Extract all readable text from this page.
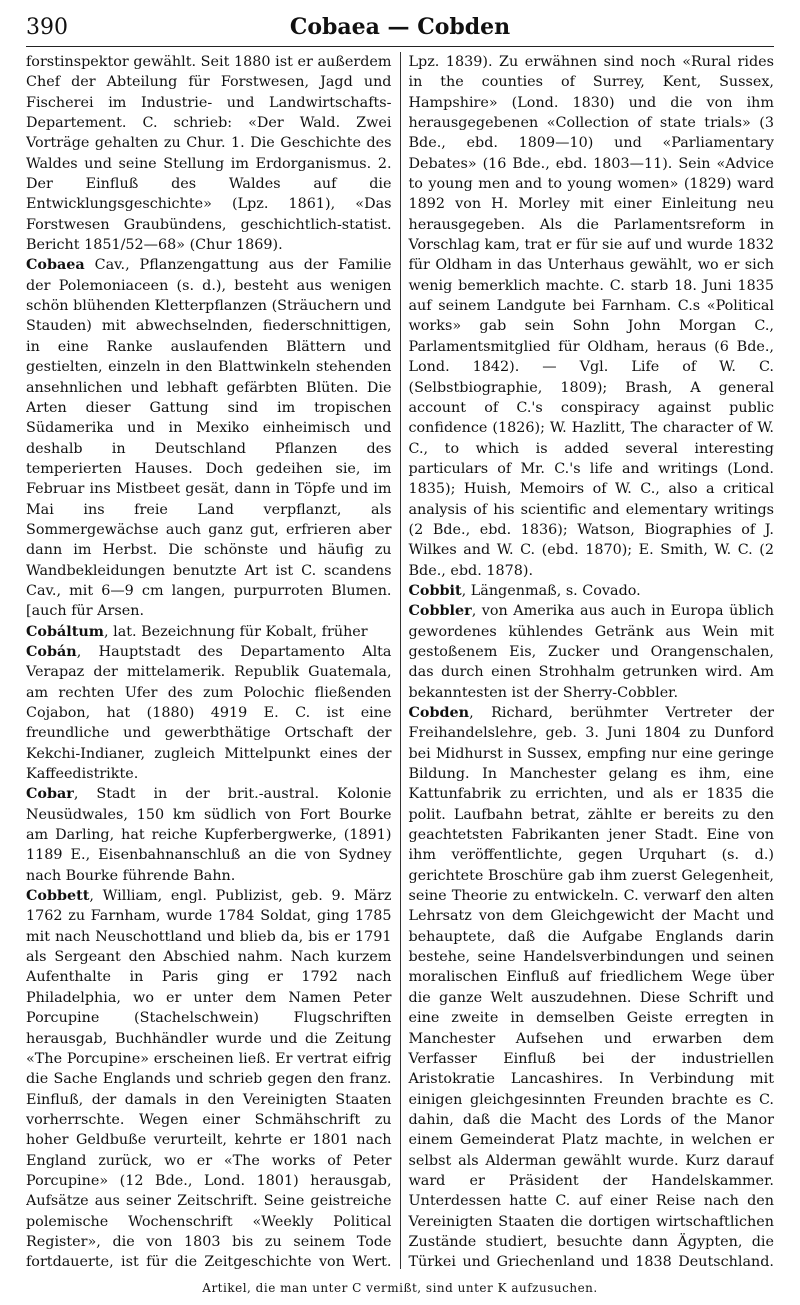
390	Cobaea — Cobden

forstinspektor gewählt. Seit 1880 ist er außerdem Chef der Abteilung für Forstwesen, Jagd und Fischerei im Industrie- und Landwirtschafts-Departement. C. schrieb: «Der Wald. Zwei Vorträge gehalten zu Chur. 1. Die Geschichte des Waldes und seine Stellung im Erdorganismus. 2. Der Einfluß des Waldes auf die Entwicklungsgeschichte» (Lpz. 1861), «Das Forstwesen Graubündens, geschichtlich-statist. Bericht 1851/52—68» (Chur 1869).

Cobaea Cav., Pflanzengattung aus der Familie der Polemoniaceen (s. d.), besteht aus wenigen schön blühenden Kletterpflanzen (Sträuchern und Stauden) mit abwechselnden, fiederschnittigen, in eine Ranke auslaufenden Blättern und gestielten, einzeln in den Blattwinkeln stehenden ansehnlichen und lebhaft gefärbten Blüten. Die Arten dieser Gattung sind im tropischen Südamerika und in Mexiko einheimisch und deshalb in Deutschland Pflanzen des temperierten Hauses. Doch gedeihen sie, im Februar ins Mistbeet gesät, dann in Töpfe und im Mai ins freie Land verpflanzt, als Sommergewächse auch ganz gut, erfrieren aber dann im Herbst. Die schönste und häufig zu Wandbekleidungen benutzte Art ist C. scandens Cav., mit 6—9 cm langen, purpurroten Blumen. [auch für Arsen.

Cobáltum, lat. Bezeichnung für Kobalt, früher

Cobán, Hauptstadt des Departamento Alta Verapaz der mittelamerik. Republik Guatemala, am rechten Ufer des zum Polochic fließenden Cojabon, hat (1880) 4919 E. C. ist eine freundliche und gewerbthätige Ortschaft der Kekchi-Indianer, zugleich Mittelpunkt eines der Kaffeedistrikte.

Cobar, Stadt in der brit.-austral. Kolonie Neusüdwales, 150 km südlich von Fort Bourke am Darling, hat reiche Kupferbergwerke, (1891) 1189 E., Eisenbahnanschluß an die von Sydney nach Bourke führende Bahn.

Cobbett, William, engl. Publizist, geb. 9. März 1762 zu Farnham, wurde 1784 Soldat, ging 1785 mit nach Neuschottland und blieb da, bis er 1791 als Sergeant den Abschied nahm. Nach kurzem Aufenthalte in Paris ging er 1792 nach Philadelphia, wo er unter dem Namen Peter Porcupine (Stachelschwein) Flugschriften herausgab, Buchhändler wurde und die Zeitung «The Porcupine» erscheinen ließ. Er vertrat eifrig die Sache Englands und schrieb gegen den franz. Einfluß, der damals in den Vereinigten Staaten vorherrschte. Wegen einer Schmähschrift zu hoher Geldbuße verurteilt, kehrte er 1801 nach England zurück, wo er «The works of Peter Porcupine» (12 Bde., Lond. 1801) herausgab, Aufsätze aus seiner Zeitschrift. Seine geistreiche polemische Wochenschrift «Weekly Political Register», die von 1803 bis zu seinem Tode fortdauerte, ist für die Zeitgeschichte von Wert.

Lpz. 1839). Zu erwähnen sind noch «Rural rides in the counties of Surrey, Kent, Sussex, Hampshire» (Lond. 1830) und die von ihm herausgegebenen «Collection of state trials» (3 Bde., ebd. 1809—10) und «Parliamentary Debates» (16 Bde., ebd. 1803—11). Sein «Advice to young men and to young women» (1829) ward 1892 von H. Morley mit einer Einleitung neu herausgegeben. Als die Parlamentsreform in Vorschlag kam, trat er für sie auf und wurde 1832 für Oldham in das Unterhaus gewählt, wo er sich wenig bemerklich machte. C. starb 18. Juni 1835 auf seinem Landgute bei Farnham. C.s «Political works» gab sein Sohn John Morgan C., Parlamentsmitglied für Oldham, heraus (6 Bde., Lond. 1842). — Vgl. Life of W. C. (Selbstbiographie, 1809); Brash, A general account of C.'s conspiracy against public confidence (1826); W. Hazlitt, The character of W. C., to which is added several interesting particulars of Mr. C.'s life and writings (Lond. 1835); Huish, Memoirs of W. C., also a critical analysis of his scientific and elementary writings (2 Bde., ebd. 1836); Watson, Biographies of J. Wilkes and W. C. (ebd. 1870); E. Smith, W. C. (2 Bde., ebd. 1878).

Cobbit, Längenmaß, s. Covado.

Cobbler, von Amerika aus auch in Europa üblich gewordenes kühlendes Getränk aus Wein mit gestoßenem Eis, Zucker und Orangenschalen, das durch einen Strohhalm getrunken wird. Am bekanntesten ist der Sherry-Cobbler.

Cobden, Richard, berühmter Vertreter der Freihandelslehre, geb. 3. Juni 1804 zu Dunford bei Midhurst in Sussex, empfing nur eine geringe Bildung. In Manchester gelang es ihm, eine Kattunfabrik zu errichten, und als er 1835 die polit. Laufbahn betrat, zählte er bereits zu den geachtetsten Fabrikanten jener Stadt. Eine von ihm veröffentlichte, gegen Urquhart (s. d.) gerichtete Broschüre gab ihm zuerst Gelegenheit, seine Theorie zu entwickeln. C. verwarf den alten Lehrsatz von dem Gleichgewicht der Macht und behauptete, daß die Aufgabe Englands darin bestehe, seine Handelsverbindungen und seinen moralischen Einfluß auf friedlichem Wege über die ganze Welt auszudehnen. Diese Schrift und eine zweite in demselben Geiste erregten in Manchester Aufsehen und erwarben dem Verfasser Einfluß bei der industriellen Aristokratie Lancashires. In Verbindung mit einigen gleichgesinnten Freunden brachte es C. dahin, daß die Macht des Lords of the Manor einem Gemeinderat Platz machte, in welchen er selbst als Alderman gewählt wurde. Kurz darauf ward er Präsident der Handelskammer. Unterdessen hatte C. auf einer Reise nach den Vereinigten Staaten die dortigen wirtschaftlichen Zustände studiert, besuchte dann Ägypten, die Türkei und Griechenland und 1838 Deutschland.

Artikel, die man unter C vermißt, sind unter K aufzusuchen.
